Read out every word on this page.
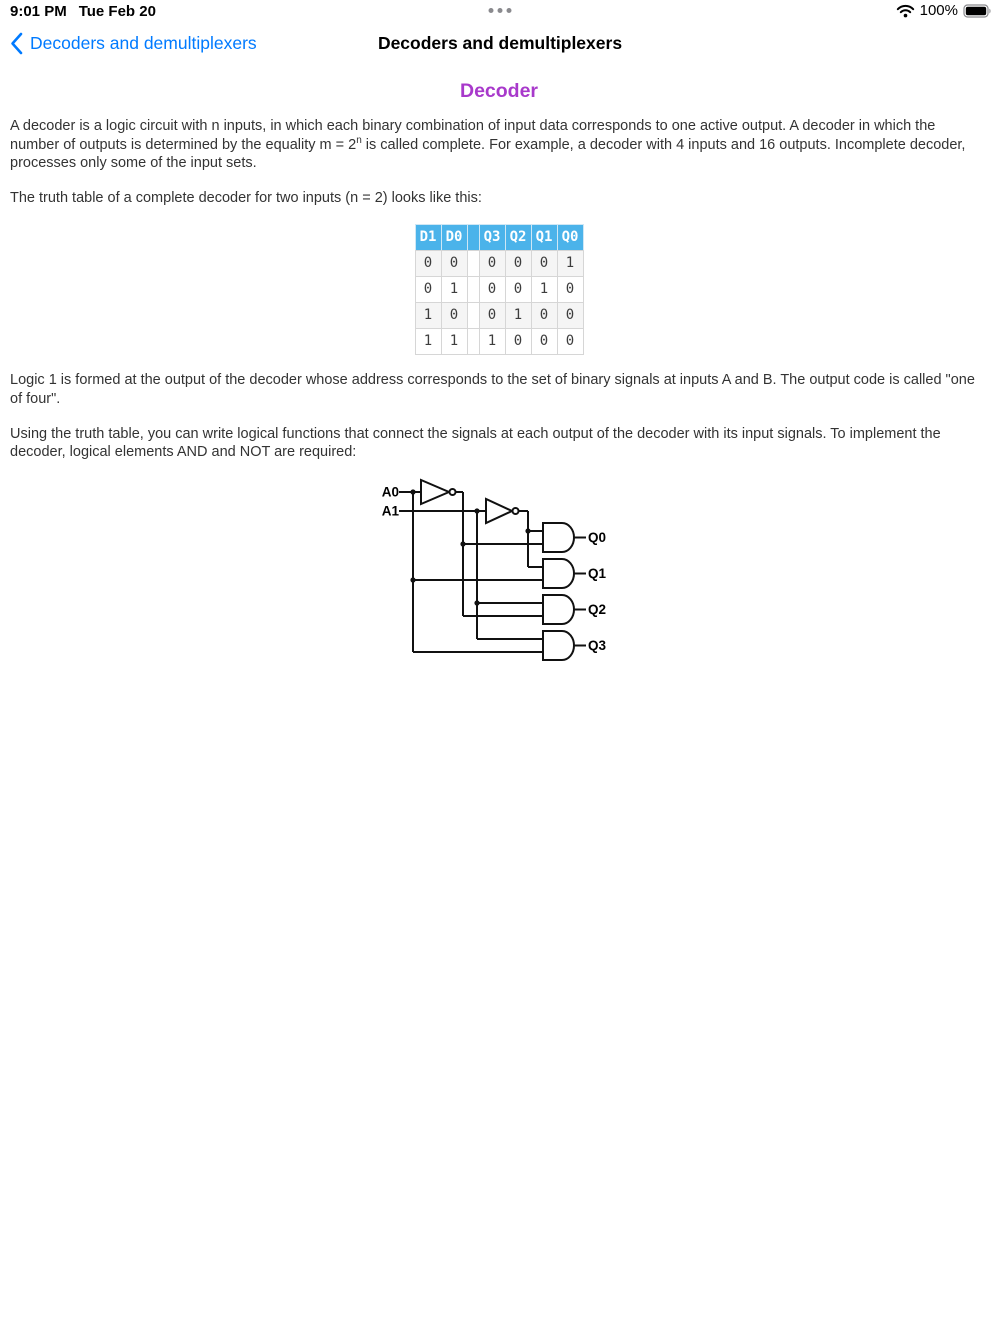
9:01 PM Tue Feb 20	100%
Decoders and demultiplexers	Decoders and demultiplexers
Decoder

A decoder is a logic circuit with n inputs, in which each binary combination of input data corresponds to one active output. A decoder in which the number of outputs is determined by the equality $m = 2^n$ is called complete. For example, a decoder with 4 inputs and 16 outputs. Incomplete decoder, processes only some of the input sets.

The truth table of a complete decoder for two inputs (n = 2) looks like this:

D1	D0		Q3	Q2	Q1	Q0
0	0		0	0	0	1
0	1		0	0	1	0
1	0		0	1	0	0
1	1		1	0	0	0

Logic 1 is formed at the output of the decoder whose address corresponds to the set of binary signals at inputs A and B. The output code is called "one of four".

Using the truth table, you can write logical functions that connect the signals at each output of the decoder with its input signals. To implement the decoder, logical elements AND and NOT are required:

A0
A1
Q0
Q1
Q2
Q3
